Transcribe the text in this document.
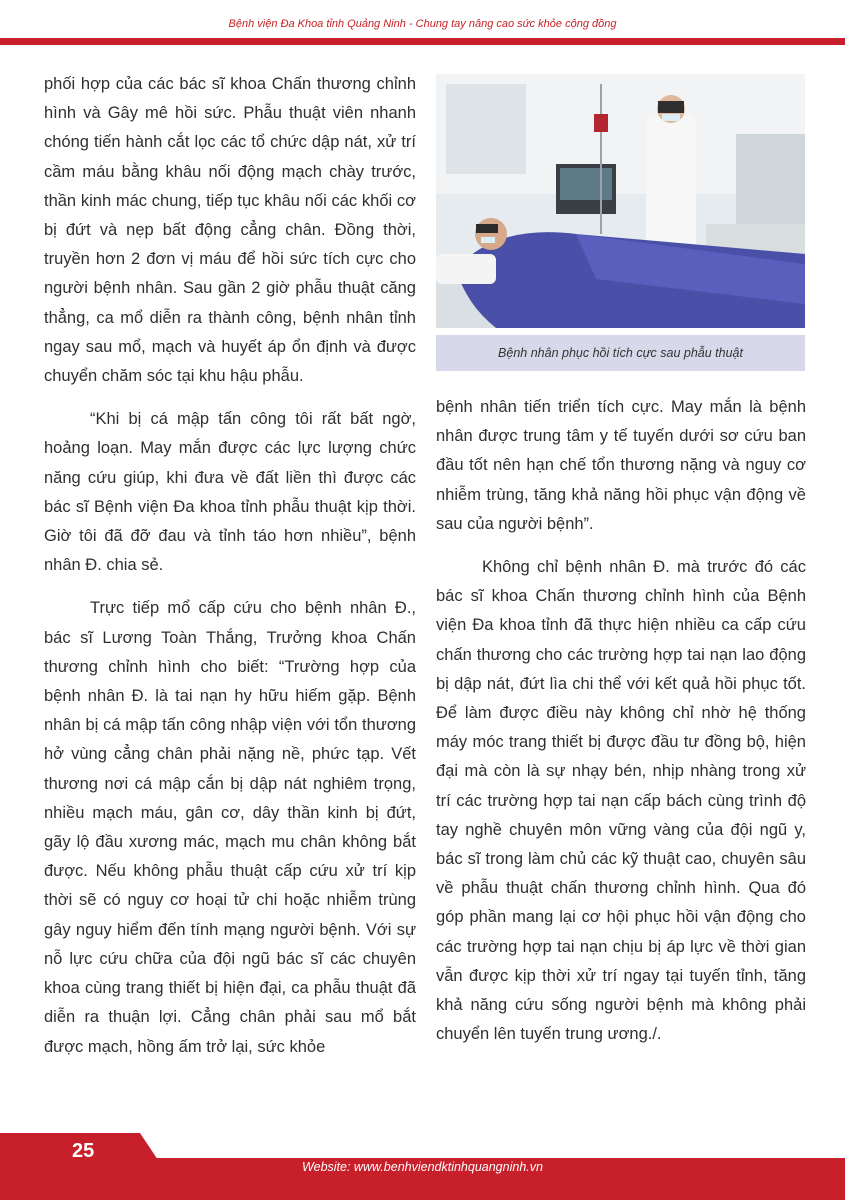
Bệnh viện Đa Khoa tỉnh Quảng Ninh - Chung tay nâng cao sức khỏe cộng đồng

phối hợp của các bác sĩ khoa Chấn thương chỉnh hình và Gây mê hồi sức. Phẫu thuật viên nhanh chóng tiến hành cắt lọc các tổ chức dập nát, xử trí cầm máu bằng khâu nối động mạch chày trước, thần kinh mác chung, tiếp tục khâu nối các khối cơ bị đứt và nẹp bất động cẳng chân. Đồng thời, truyền hơn 2 đơn vị máu để hồi sức tích cực cho người bệnh nhân. Sau gần 2 giờ phẫu thuật căng thẳng, ca mổ diễn ra thành công, bệnh nhân tỉnh ngay sau mổ, mạch và huyết áp ổn định và được chuyển chăm sóc tại khu hậu phẫu.

“Khi bị cá mập tấn công tôi rất bất ngờ, hoảng loạn. May mắn được các lực lượng chức năng cứu giúp, khi đưa về đất liền thì được các bác sĩ Bệnh viện Đa khoa tỉnh phẫu thuật kịp thời. Giờ tôi đã đỡ đau và tỉnh táo hơn nhiều”, bệnh nhân Đ. chia sẻ.

Trực tiếp mổ cấp cứu cho bệnh nhân Đ., bác sĩ Lương Toàn Thắng, Trưởng khoa Chấn thương chỉnh hình cho biết: “Trường hợp của bệnh nhân Đ. là tai nạn hy hữu hiếm gặp. Bệnh nhân bị cá mập tấn công nhập viện với tổn thương hở vùng cẳng chân phải nặng nề, phức tạp. Vết thương nơi cá mập cắn bị dập nát nghiêm trọng, nhiều mạch máu, gân cơ, dây thần kinh bị đứt, gãy lộ đầu xương mác, mạch mu chân không bắt được. Nếu không phẫu thuật cấp cứu xử trí kịp thời sẽ có nguy cơ hoại tử chi hoặc nhiễm trùng gây nguy hiểm đến tính mạng người bệnh. Với sự nỗ lực cứu chữa của đội ngũ bác sĩ các chuyên khoa cùng trang thiết bị hiện đại, ca phẫu thuật đã diễn ra thuận lợi. Cẳng chân phải sau mổ bắt được mạch, hồng ấm trở lại, sức khỏe

Bệnh nhân phục hồi tích cực sau phẫu thuật

bệnh nhân tiến triển tích cực. May mắn là bệnh nhân được trung tâm y tế tuyến dưới sơ cứu ban đầu tốt nên hạn chế tổn thương nặng và nguy cơ nhiễm trùng, tăng khả năng hồi phục vận động về sau của người bệnh”.

Không chỉ bệnh nhân Đ. mà trước đó các bác sĩ khoa Chấn thương chỉnh hình của Bệnh viện Đa khoa tỉnh đã thực hiện nhiều ca cấp cứu chấn thương cho các trường hợp tai nạn lao động bị dập nát, đứt lìa chi thể với kết quả hồi phục tốt. Để làm được điều này không chỉ nhờ hệ thống máy móc trang thiết bị được đầu tư đồng bộ, hiện đại mà còn là sự nhạy bén, nhịp nhàng trong xử trí các trường hợp tai nạn cấp bách cùng trình độ tay nghề chuyên môn vững vàng của đội ngũ y, bác sĩ trong làm chủ các kỹ thuật cao, chuyên sâu về phẫu thuật chấn thương chỉnh hình. Qua đó góp phần mang lại cơ hội phục hồi vận động cho các trường hợp tai nạn chịu bị áp lực về thời gian vẫn được kịp thời xử trí ngay tại tuyến tỉnh, tăng khả năng cứu sống người bệnh mà không phải chuyển lên tuyến trung ương./.

25
Website: www.benhviendktinhquangninh.vn
